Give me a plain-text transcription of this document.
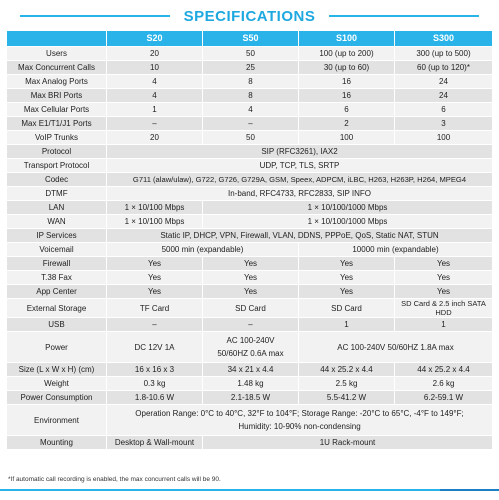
SPECIFICATIONS
	S20	S50	S100	S300
Users	20	50	100 (up to 200)	300 (up to 500)
Max Concurrent Calls	10	25	30 (up to 60)	60 (up to 120)*
Max Analog Ports	4	8	16	24
Max BRI Ports	4	8	16	24
Max Cellular Ports	1	4	6	6
Max E1/T1/J1 Ports	–	–	2	3
VoIP Trunks	20	50	100	100
Protocol	SIP (RFC3261), IAX2			
Transport Protocol	UDP, TCP, TLS, SRTP			
Codec	G711 (alaw/ulaw), G722, G726, G729A, GSM, Speex, ADPCM, iLBC, H263, H263P, H264, MPEG4			
DTMF	In-band, RFC4733, RFC2833, SIP INFO			
LAN	1 × 10/100 Mbps	1 × 10/100/1000 Mbps		
WAN	1 × 10/100 Mbps	1 × 10/100/1000 Mbps		
IP Services	Static IP, DHCP, VPN, Firewall, VLAN, DDNS, PPPoE, QoS, Static NAT, STUN			
Voicemail	5000 min (expandable)		10000 min (expandable)	
Firewall	Yes	Yes	Yes	Yes
T.38 Fax	Yes	Yes	Yes	Yes
App Center	Yes	Yes	Yes	Yes
External Storage	TF Card	SD Card	SD Card	SD Card & 2.5 inch SATA HDD
USB	–	–	1	1
Power	DC 12V 1A	AC 100-240V
50/60HZ 0.6A max	AC 100-240V 50/60HZ 1.8A max	
Size (L x W x H) (cm)	16 x 16 x 3	34 x 21 x 4.4	44 x 25.2 x 4.4	44 x 25.2 x 4.4
Weight	0.3 kg	1.48 kg	2.5 kg	2.6 kg
Power Consumption	1.8-10.6 W	2.1-18.5 W	5.5-41.2 W	6.2-59.1 W
Environment	Operation Range: 0°C to 40°C, 32°F to 104°F; Storage Range: -20°C to 65°C, -4°F to 149°F;
Humidity: 10-90% non-condensing			

Mounting	Desktop & Wall-mount	1U Rack-mount		
*If automatic call recording is enabled, the max concurrent calls will be 90.
